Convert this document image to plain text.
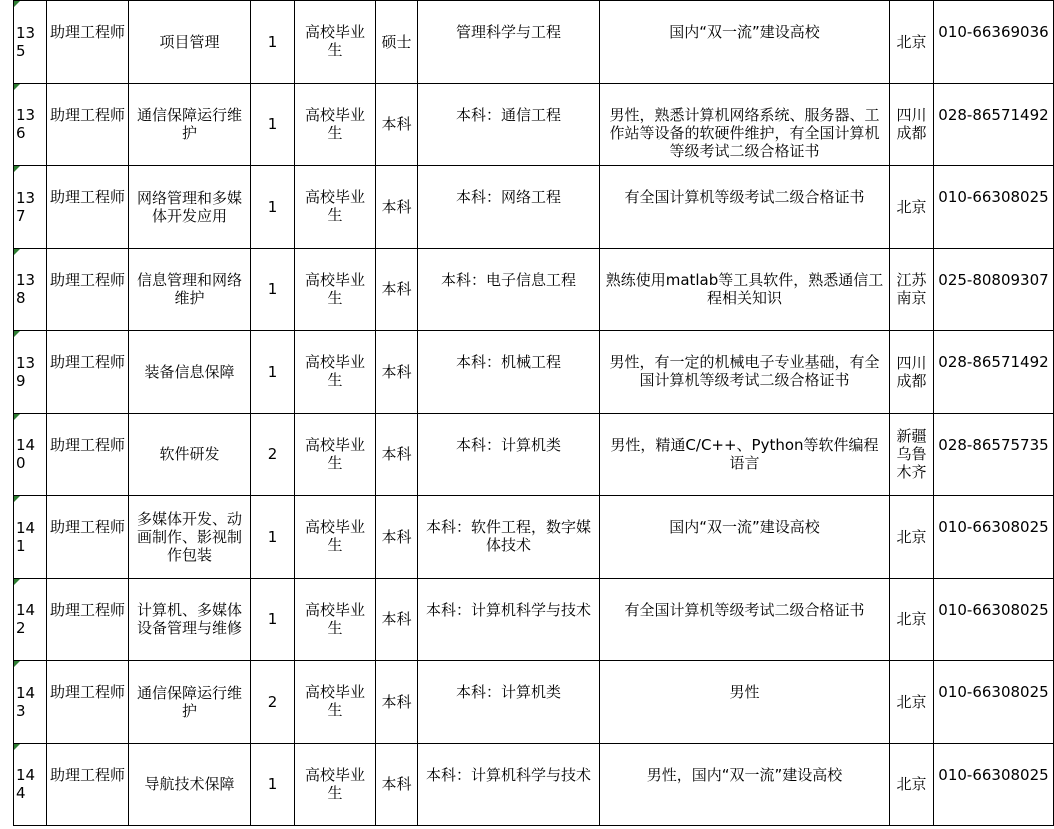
135	助理工程师	项目管理	1	高校毕业生	硕士	管理科学与工程	国内“双一流”建设高校	北京	010-66369036

136	助理工程师	通信保障运行维护	1	高校毕业生	本科	本科：通信工程	男性，熟悉计算机网络系统、服务器、工作站等设备的软硬件维护，有全国计算机等级考试二级合格证书	四川成都	028-86571492

137	助理工程师	网络管理和多媒体开发应用	1	高校毕业生	本科	本科：网络工程	有全国计算机等级考试二级合格证书	北京	010-66308025

138	助理工程师	信息管理和网络维护	1	高校毕业生	本科	本科：电子信息工程	熟练使用matlab等工具软件，熟悉通信工程相关知识	江苏南京	025-80809307

139	助理工程师	装备信息保障	1	高校毕业生	本科	本科：机械工程	男性，有一定的机械电子专业基础，有全国计算机等级考试二级合格证书	四川成都	028-86571492

140	助理工程师	软件研发	2	高校毕业生	本科	本科：计算机类	男性，精通C/C++、Python等软件编程语言	新疆乌鲁木齐	028-86575735

141	助理工程师	多媒体开发、动画制作、影视制作包装	1	高校毕业生	本科	本科：软件工程，数字媒体技术	国内“双一流”建设高校	北京	010-66308025

142	助理工程师	计算机、多媒体设备管理与维修	1	高校毕业生	本科	本科：计算机科学与技术	有全国计算机等级考试二级合格证书	北京	010-66308025

143	助理工程师	通信保障运行维护	2	高校毕业生	本科	本科：计算机类	男性	北京	010-66308025

144	助理工程师	导航技术保障	1	高校毕业生	本科	本科：计算机科学与技术	男性，国内“双一流”建设高校	北京	010-66308025
